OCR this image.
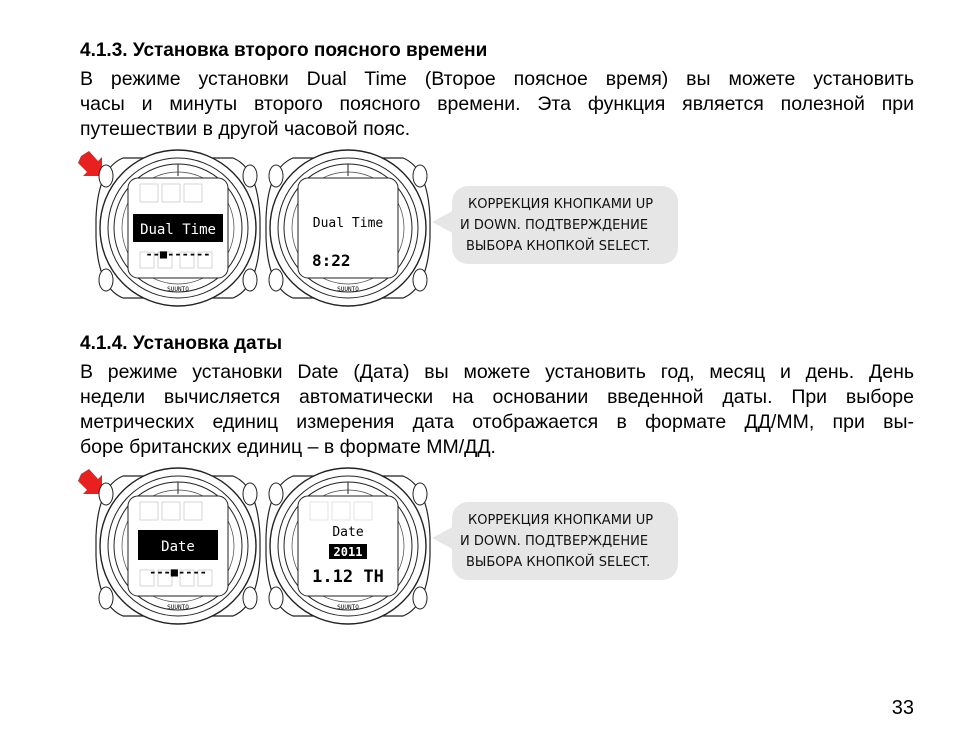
4.1.3. Установка второго поясного времени
В режиме установки Dual Time (Второе поясное время) вы можете установить
часы и минуты второго поясного времени. Эта функция является полезной при
путешествии в другой часовой пояс.
Dual Time
--■------
SUUNTO
Dual Time
8:22
SUUNTO
КОРРЕКЦИЯ КНОПКАМИ UP
И DOWN. ПОДТВЕРЖДЕНИЕ
ВЫБОРА КНОПКОЙ SELECT.
4.1.4. Установка даты
В режиме установки Date (Дата) вы можете установить год, месяц и день. День
недели вычисляется автоматически на основании введенной даты. При выборе
метрических единиц измерения дата отображается в формате ДД/ММ, при вы-
боре британских единиц – в формате ММ/ДД.
Date
---■----
SUUNTO
Date
2011
1.12 TH
SUUNTO
КОРРЕКЦИЯ КНОПКАМИ UP
И DOWN. ПОДТВЕРЖДЕНИЕ
ВЫБОРА КНОПКОЙ SELECT.
33
